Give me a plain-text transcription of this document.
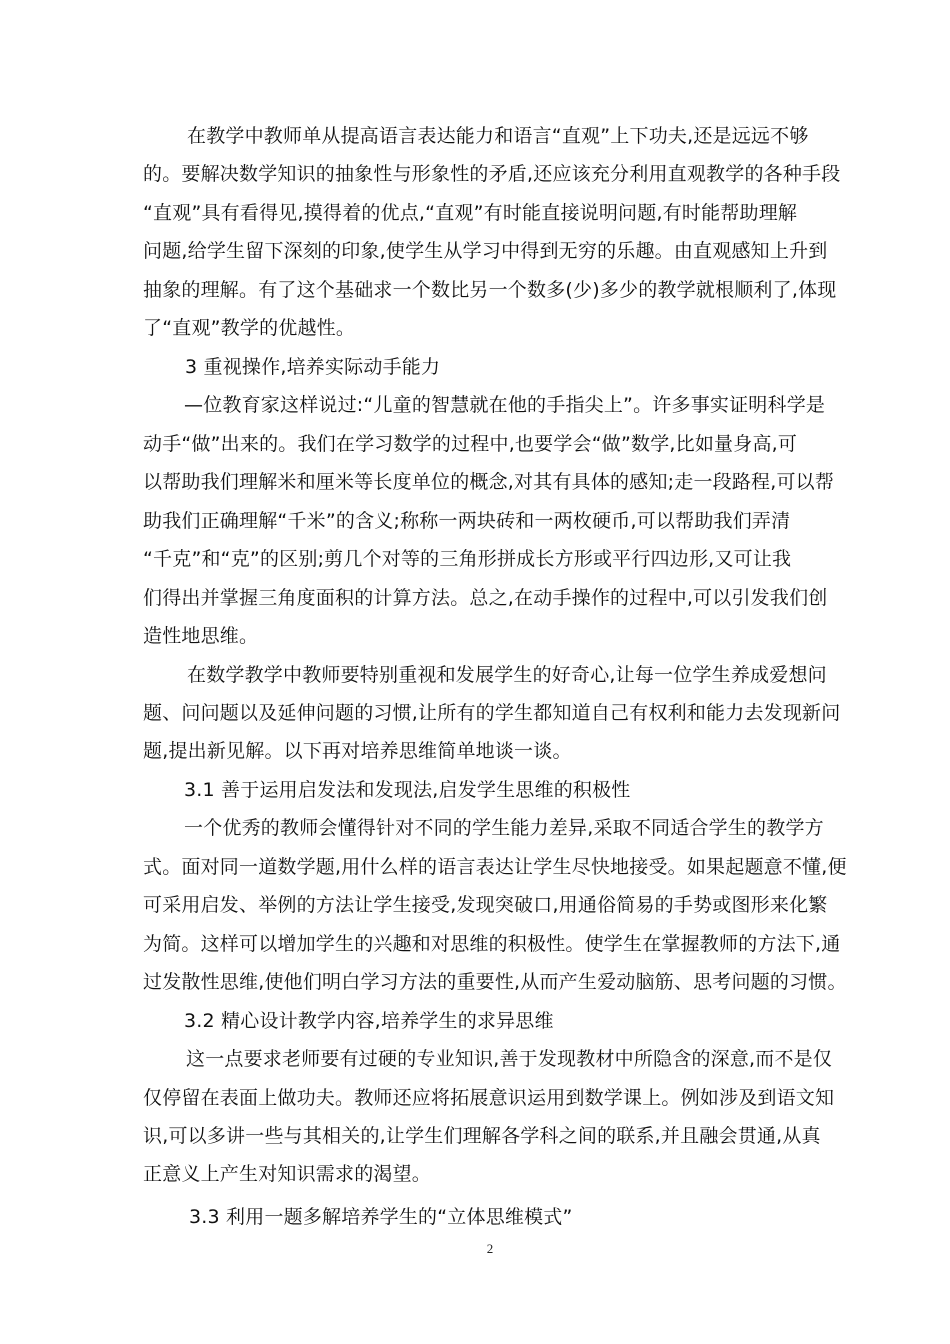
在教学中教师单从提高语言表达能力和语言“直观”上下功夫,还是远远不够
的。要解决数学知识的抽象性与形象性的矛盾,还应该充分利用直观教学的各种手段
“直观”具有看得见,摸得着的优点,“直观”有时能直接说明问题,有时能帮助理解
问题,给学生留下深刻的印象,使学生从学习中得到无穷的乐趣。由直观感知上升到
抽象的理解。有了这个基础求一个数比另一个数多(少)多少的教学就根顺利了,体现
了“直观”教学的优越性。
3 重视操作,培养实际动手能力
—位教育家这样说过:“儿童的智慧就在他的手指尖上”。许多事实证明科学是
动手“做”出来的。我们在学习数学的过程中,也要学会“做”数学,比如量身高,可
以帮助我们理解米和厘米等长度单位的概念,对其有具体的感知;走一段路程,可以帮
助我们正确理解“千米”的含义;称称一两块砖和一两枚硬币,可以帮助我们弄清
“千克”和“克”的区别;剪几个对等的三角形拼成长方形或平行四边形,又可让我
们得出并掌握三角度面积的计算方法。总之,在动手操作的过程中,可以引发我们创
造性地思维。
在数学教学中教师要特别重视和发展学生的好奇心,让每一位学生养成爱想问
题、问问题以及延伸问题的习惯,让所有的学生都知道自己有权利和能力去发现新问
题,提出新见解。以下再对培养思维简单地谈一谈。
3.1 善于运用启发法和发现法,启发学生思维的积极性
一个优秀的教师会懂得针对不同的学生能力差异,采取不同适合学生的教学方
式。面对同一道数学题,用什么样的语言表达让学生尽快地接受。如果起题意不懂,便
可采用启发、举例的方法让学生接受,发现突破口,用通俗简易的手势或图形来化繁
为简。这样可以增加学生的兴趣和对思维的积极性。使学生在掌握教师的方法下,通
过发散性思维,使他们明白学习方法的重要性,从而产生爱动脑筋、思考问题的习惯。
3.2 精心设计教学内容,培养学生的求异思维
这一点要求老师要有过硬的专业知识,善于发现教材中所隐含的深意,而不是仅
仅停留在表面上做功夫。教师还应将拓展意识运用到数学课上。例如涉及到语文知
识,可以多讲一些与其相关的,让学生们理解各学科之间的联系,并且融会贯通,从真
正意义上产生对知识需求的渴望。
3.3 利用一题多解培养学生的“立体思维模式”
2
